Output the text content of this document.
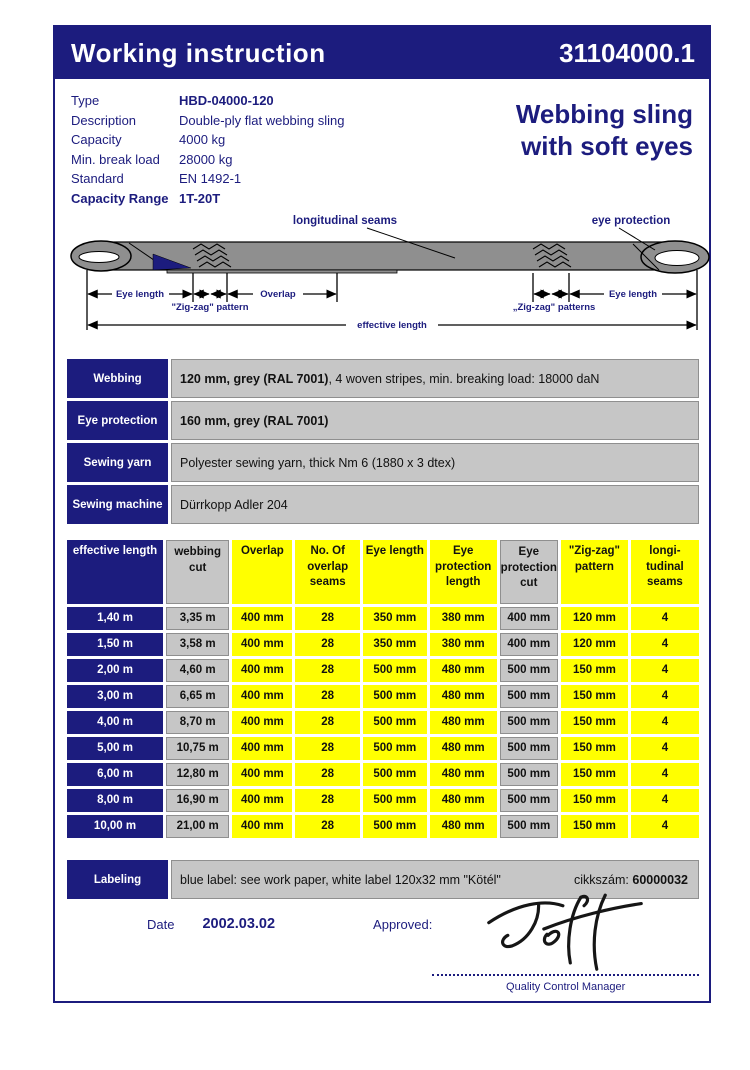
Working instruction	31104000.1
Type	HBD-04000-120
Description	Double-ply flat webbing sling
Capacity	4000 kg
Min. break load	28000 kg
Standard	EN 1492-1
Capacity Range 1T-20T
Webbing sling
with soft eyes
longitudinal seams	eye protection
Eye length	Overlap	Eye length
effective length
"Zig-zag" pattern	„Zig-zag" patterns
Webbing	120 mm, grey (RAL 7001) , 4 woven stripes, min. breaking load: 18000 daN
Eye protection	160 mm, grey (RAL 7001)
Sewing yarn	Polyester sewing yarn, thick Nm 6 (1880 x 3 dtex)
Sewing machine	Dürrkopp Adler 204
effective length	webbing cut	Overlap	No. Of overlap seams	Eye length	Eye protection length	Eye protection cut	"Zig-zag" pattern	longi-tudinal seams
1,40 m	3,35 m	400 mm	28	350 mm	380 mm	400 mm	120 mm	4
1,50 m	3,58 m	400 mm	28	350 mm	380 mm	400 mm	120 mm	4
2,00 m	4,60 m	400 mm	28	500 mm	480 mm	500 mm	150 mm	4
3,00 m	6,65 m	400 mm	28	500 mm	480 mm	500 mm	150 mm	4
4,00 m	8,70 m	400 mm	28	500 mm	480 mm	500 mm	150 mm	4
5,00 m	10,75 m	400 mm	28	500 mm	480 mm	500 mm	150 mm	4
6,00 m	12,80 m	400 mm	28	500 mm	480 mm	500 mm	150 mm	4
8,00 m	16,90 m	400 mm	28	500 mm	480 mm	500 mm	150 mm	4
10,00 m	21,00 m	400 mm	28	500 mm	480 mm	500 mm	150 mm	4
Labeling	blue label: see work paper, white label 120x32 mm "Kötél"	cikkszám: 60000032
Date 2002.03.02	Approved:
Quality Control Manager
